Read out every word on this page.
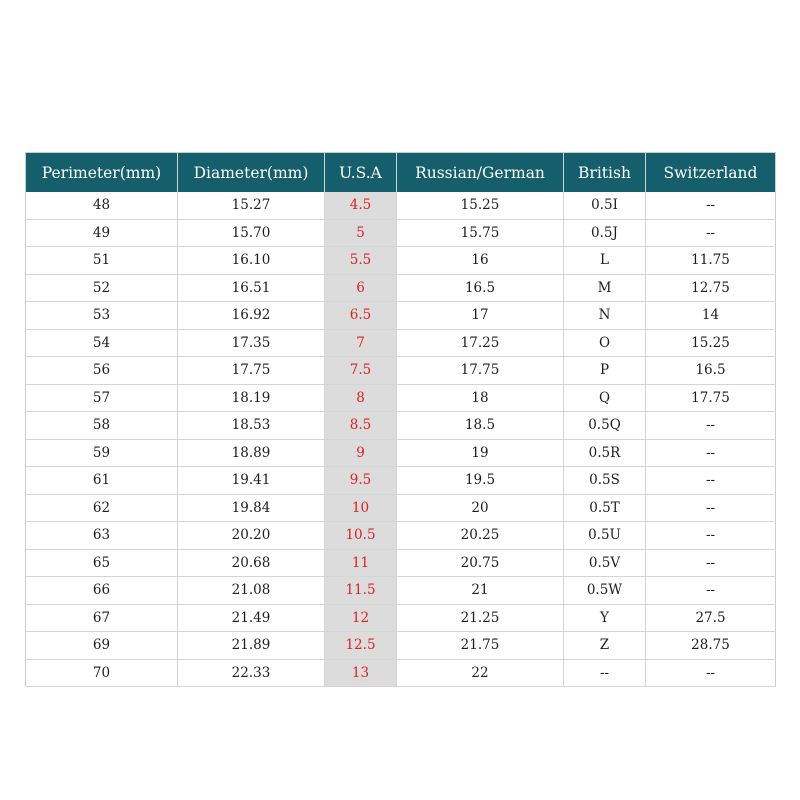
Perimeter(mm)	Diameter(mm)	U.S.A	Russian/German	British	Switzerland
48	15.27	4.5	15.25	0.5I	--
49	15.70	5	15.75	0.5J	--
51	16.10	5.5	16	L	11.75
52	16.51	6	16.5	M	12.75
53	16.92	6.5	17	N	14
54	17.35	7	17.25	O	15.25
56	17.75	7.5	17.75	P	16.5
57	18.19	8	18	Q	17.75
58	18.53	8.5	18.5	0.5Q	--
59	18.89	9	19	0.5R	--
61	19.41	9.5	19.5	0.5S	--
62	19.84	10	20	0.5T	--
63	20.20	10.5	20.25	0.5U	--
65	20.68	11	20.75	0.5V	--
66	21.08	11.5	21	0.5W	--
67	21.49	12	21.25	Y	27.5
69	21.89	12.5	21.75	Z	28.75
70	22.33	13	22	--	--
